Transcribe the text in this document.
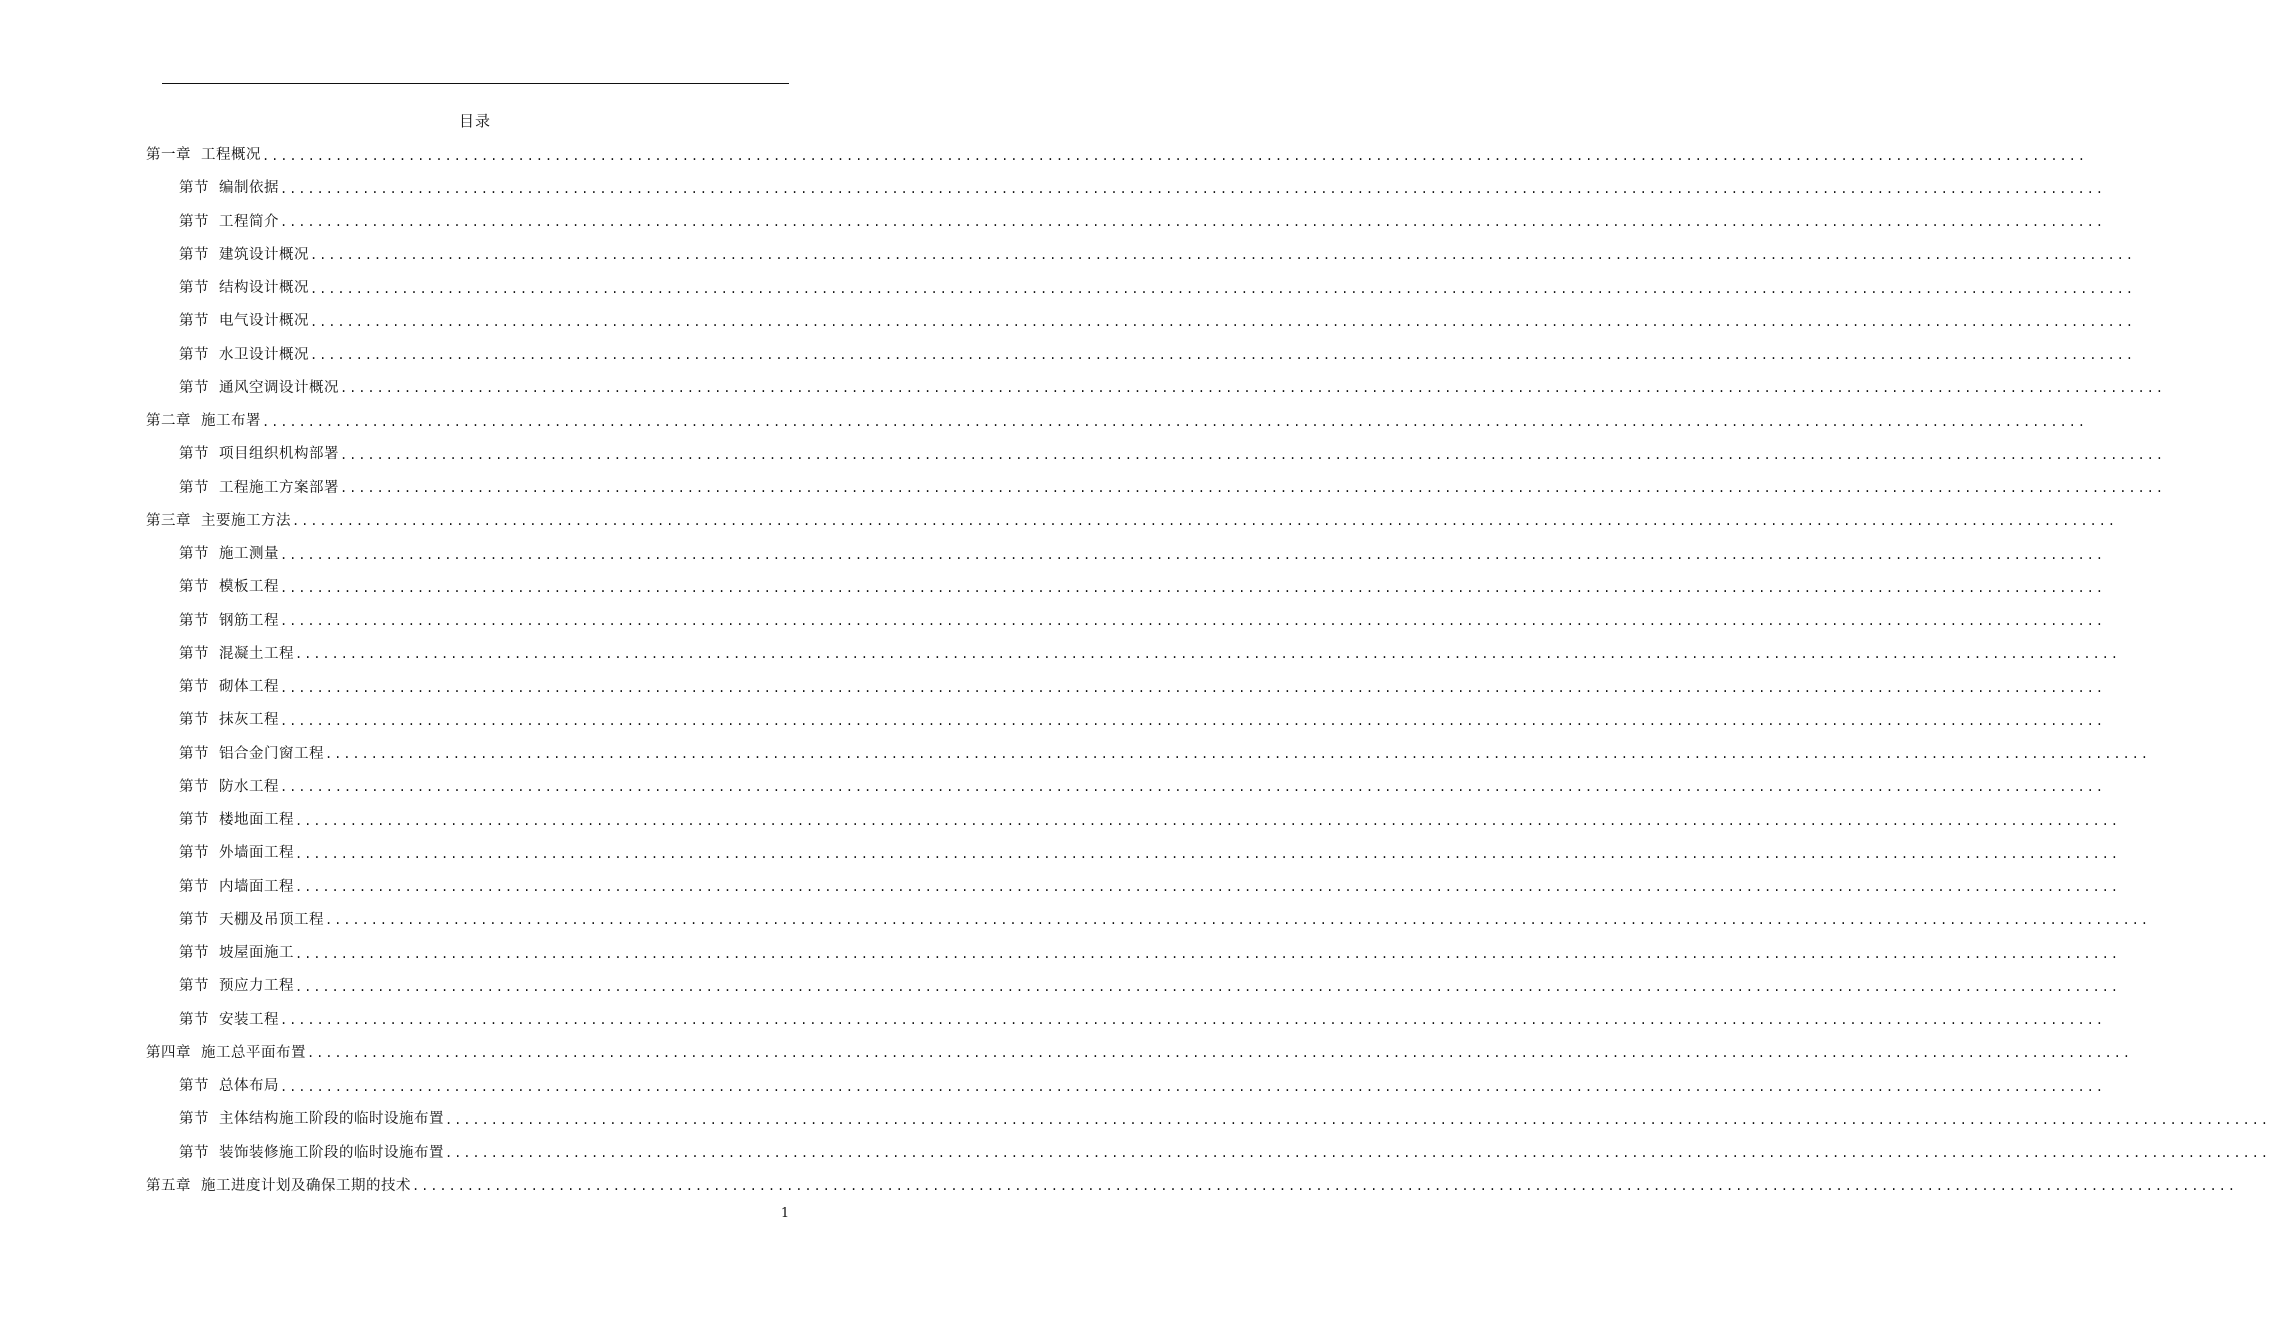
目录
第一章 工程概况 ........................................................................................................................................................................................................
第节 编制依据 ........................................................................................................................................................................................................
第节 工程简介 ........................................................................................................................................................................................................
第节 建筑设计概况 ........................................................................................................................................................................................................
第节 结构设计概况 ........................................................................................................................................................................................................
第节 电气设计概况 ........................................................................................................................................................................................................
第节 水卫设计概况 ........................................................................................................................................................................................................
第节 通风空调设计概况 ........................................................................................................................................................................................................
第二章 施工布署 ........................................................................................................................................................................................................
第节 项目组织机构部署 ........................................................................................................................................................................................................
第节 工程施工方案部署 ........................................................................................................................................................................................................
第三章 主要施工方法 ........................................................................................................................................................................................................
第节 施工测量 ........................................................................................................................................................................................................
第节 模板工程 ........................................................................................................................................................................................................
第节 钢筋工程 ........................................................................................................................................................................................................
第节 混凝土工程 ........................................................................................................................................................................................................
第节 砌体工程 ........................................................................................................................................................................................................
第节 抹灰工程 ........................................................................................................................................................................................................
第节 铝合金门窗工程 ........................................................................................................................................................................................................
第节 防水工程 ........................................................................................................................................................................................................
第节 楼地面工程 ........................................................................................................................................................................................................
第节 外墙面工程 ........................................................................................................................................................................................................
第节 内墙面工程 ........................................................................................................................................................................................................
第节 天棚及吊顶工程 ........................................................................................................................................................................................................
第节 坡屋面施工 ........................................................................................................................................................................................................
第节 预应力工程 ........................................................................................................................................................................................................
第节 安装工程 ........................................................................................................................................................................................................
第四章 施工总平面布置 ........................................................................................................................................................................................................
第节 总体布局 ........................................................................................................................................................................................................
第节 主体结构施工阶段的临时设施布置 ........................................................................................................................................................................................................
第节 装饰装修施工阶段的临时设施布置 ........................................................................................................................................................................................................
第五章 施工进度计划及确保工期的技术 ........................................................................................................................................................................................................
1
